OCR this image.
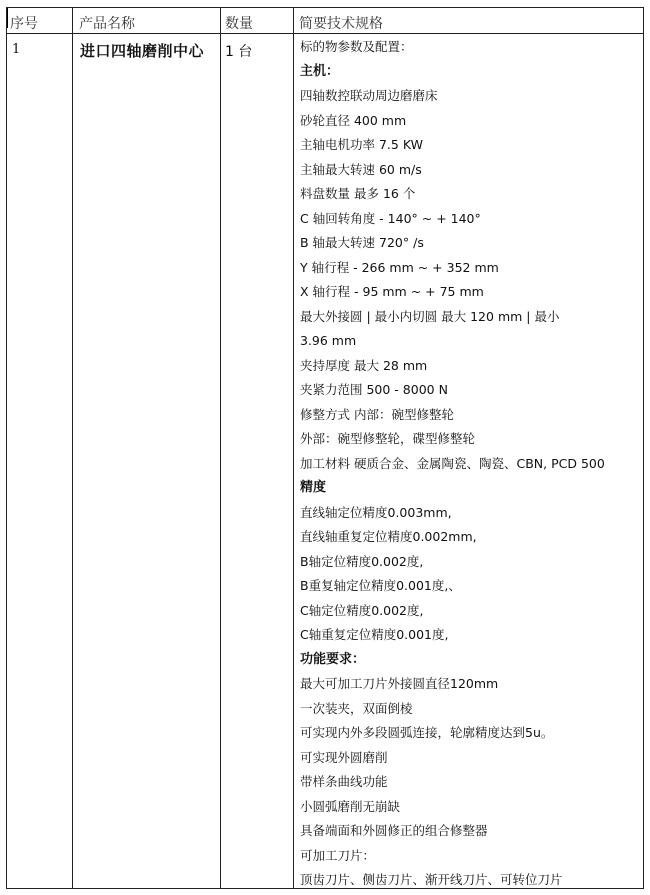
序号	产品名称	数量	简要技术规格
1	进口四轴磨削中心	1 台	标的物参数及配置：
主机：
四轴数控联动周边磨磨床
砂轮直径 400 mm
主轴电机功率 7.5 KW
主轴最大转速 60 m/s
料盘数量 最多 16 个
C 轴回转角度 - 140° ~ + 140°
B 轴最大转速 720° /s
Y 轴行程 - 266 mm ~ + 352 mm
X 轴行程 - 95 mm ~ + 75 mm
最大外接圆 | 最小内切圆 最大 120 mm | 最小
3.96 mm
夹持厚度 最大 28 mm
夹紧力范围 500 - 8000 N
修整方式 内部：碗型修整轮
外部：碗型修整轮，碟型修整轮
加工材料 硬质合金、金属陶瓷、陶瓷、CBN, PCD 500
精度
直线轴定位精度0.003mm,
直线轴重复定位精度0.002mm,
B轴定位精度0.002度,
B重复轴定位精度0.001度,、
C轴定位精度0.002度,
C轴重复定位精度0.001度,
功能要求：
最大可加工刀片外接圆直径120mm
一次装夹，双面倒棱
可实现内外多段圆弧连接，轮廓精度达到5u。
可实现外圆磨削
带样条曲线功能
小圆弧磨削无崩缺
具备端面和外圆修正的组合修整器
可加工刀片：
顶齿刀片、侧齿刀片、渐开线刀片、可转位刀片
